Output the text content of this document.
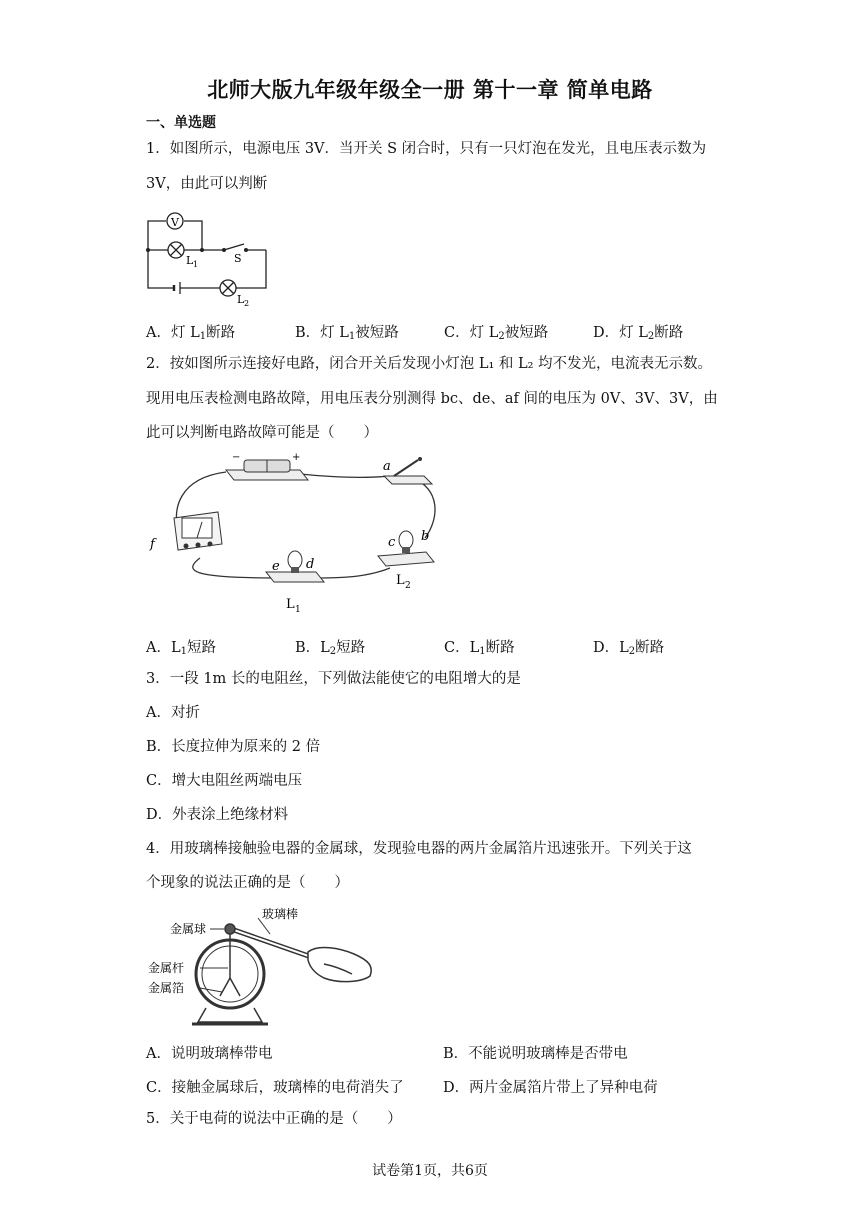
北师大版九年级年级全一册 第十一章 简单电路
一、单选题
1．如图所示，电源电压 3V．当开关 S 闭合时，只有一只灯泡在发光，且电压表示数为
3V，由此可以判断
V
L 1	S
L 2
A．灯 $L_1$断路	B．灯 $L_1$被短路	C．灯 $L_2$被短路	D．灯 $L_2$断路
2．按如图所示连接好电路，闭合开关后发现小灯泡 L₁ 和 L₂ 均不发光，电流表无示数。
现用电压表检测电路故障，用电压表分别测得 bc、de、af 间的电压为 0V、3V、3V，由
此可以判断电路故障可能是（　　）
−	+
a
b
c
d
e
f
L 1
L 2
A．$L_1$短路	B．$L_2$短路	C．$L_1$断路	D．$L_2$断路
3．一段 1m 长的电阻丝，下列做法能使它的电阻增大的是
A．对折
B．长度拉伸为原来的 2 倍
C．增大电阻丝两端电压
D．外表涂上绝缘材料
4．用玻璃棒接触验电器的金属球，发现验电器的两片金属箔片迅速张开。下列关于这
个现象的说法正确的是（　　）
金属球
玻璃棒
金属杆
金属箔
A．说明玻璃棒带电	B．不能说明玻璃棒是否带电
C．接触金属球后，玻璃棒的电荷消失了	D．两片金属箔片带上了异种电荷
5．关于电荷的说法中正确的是（　　）
试卷第1页，共6页
